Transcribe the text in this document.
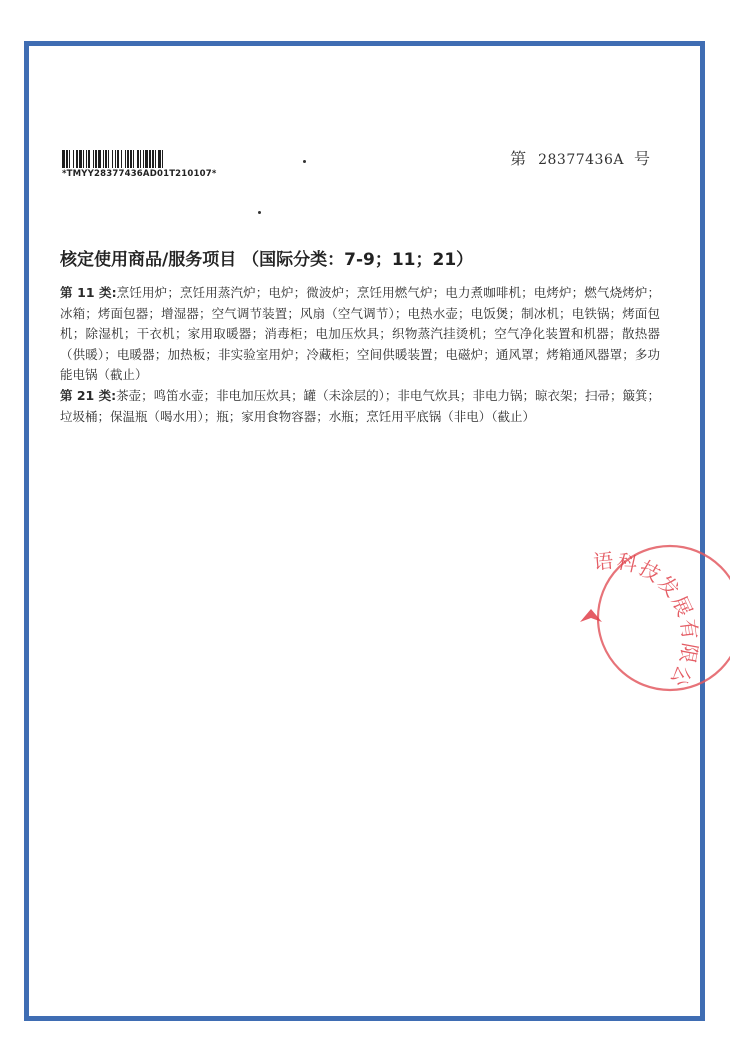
*TMYY28377436AD01T210107*
第 28377436A 号
核定使用商品/服务项目 （国际分类：7-9；11；21）

第 11 类:烹饪用炉；烹饪用蒸汽炉；电炉；微波炉；烹饪用燃气炉；电力煮咖啡机；电烤炉；燃气烧烤炉；冰箱；烤面包器；增湿器；空气调节装置；风扇（空气调节）；电热水壶；电饭煲；制冰机；电铁锅；烤面包机；除湿机；干衣机；家用取暖器；消毒柜；电加压炊具；织物蒸汽挂烫机；空气净化装置和机器；散热器（供暖）；电暖器；加热板；非实验室用炉；冷藏柜；空间供暖装置；电磁炉；通风罩；烤箱通风器罩；多功能电锅（截止）

第 21 类:茶壶；鸣笛水壶；非电加压炊具；罐（未涂层的）；非电气炊具；非电力锅；晾衣架；扫帚；簸箕；垃圾桶；保温瓶（喝水用）；瓶；家用食物容器；水瓶；烹饪用平底锅（非电）（截止）

语科技发展有限公
